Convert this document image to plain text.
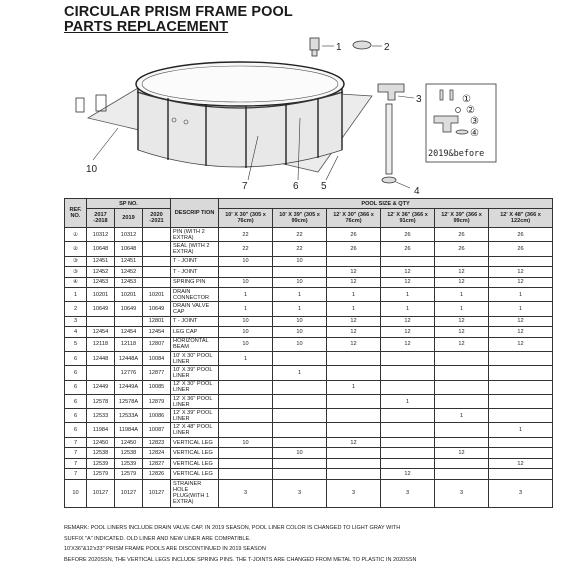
CIRCULAR PRISM FRAME POOL
PARTS REPLACEMENT
1	2
3
4
5
6
7
10
①
②
③
④
2019&before
REF. NO.	SP NO.			DESCRIP TION	POOL SIZE & QTY					
	2017 -2018	2019	2020 -2021		10' X 30" (305 x 76cm)	10' X 39" (305 x 99cm)	12' X 30" (366 x 76cm)	12' X 36" (366 x 91cm)	12' X 39" (366 x 99cm)	12' X 48" (366 x 122cm)
①	10312	10312		PIN (WITH 2 EXTRA)	22	22	26	26	26	26
②	10648	10648		SEAL (WITH 2 EXTRA)	22	22	26	26	26	26
③	12451	12451		T - JOINT	10	10				
③	12452	12452		T - JOINT			12	12	12	12
④	12453	12453		SPRING PIN	10	10	12	12	12	12
1	10201	10201	10201	DRAIN CONNECTOR	1	1	1	1	1	1
2	10649	10649	10649	DRAIN VALVE CAP	1	1	1	1	1	1
3			12801	T - JOINT	10	10	12	12	12	12
4	12454	12454	12454	LEG CAP	10	10	12	12	12	12
5	12118	12118	12807	HORIZONTAL BEAM	10	10	12	12	12	12
6	12448	12448A	10084	10' X 30" POOL LINER	1					
6		12776	12877	10' X 39" POOL LINER		1				
6	12449	12449A	10085	12' X 30" POOL LINER			1			
6	12578	12578A	12879	12' X 36" POOL LINER				1		
6	12533	12533A	10086	12' X 39" POOL LINER					1	
6	11984	11984A	10087	12' X 48" POOL LINER						1
7	12450	12450	12823	VERTICAL LEG	10		12			
7	12538	12538	12824	VERTICAL LEG		10			12	
7	12539	12539	12827	VERTICAL LEG						12
7	12579	12579	12826	VERTICAL LEG				12		
10	10127	10127	10127	STRAINER HOLE PLUG(WITH 1 EXTRA)	3	3	3	3	3	3
REMARK: POOL LINERS INCLUDE DRAIN VALVE CAP. IN 2019 SEASON, POOL LINER COLOR IS CHANGED TO LIGHT GRAY WITH
SUFFIX "A" INDICATED. OLD LINER AND NEW LINER ARE COMPATIBLE.
10'X36"&12'x33" PRISM FRAME POOLS ARE DISCONTINUED IN 2019 SEASON
BEFORE 2020SSN, THE VERTICAL LEGS INCLUDE SPRING PINS. THE T-JOINTS ARE CHANGED FROM METAL TO PLASTIC IN 2020SSN
